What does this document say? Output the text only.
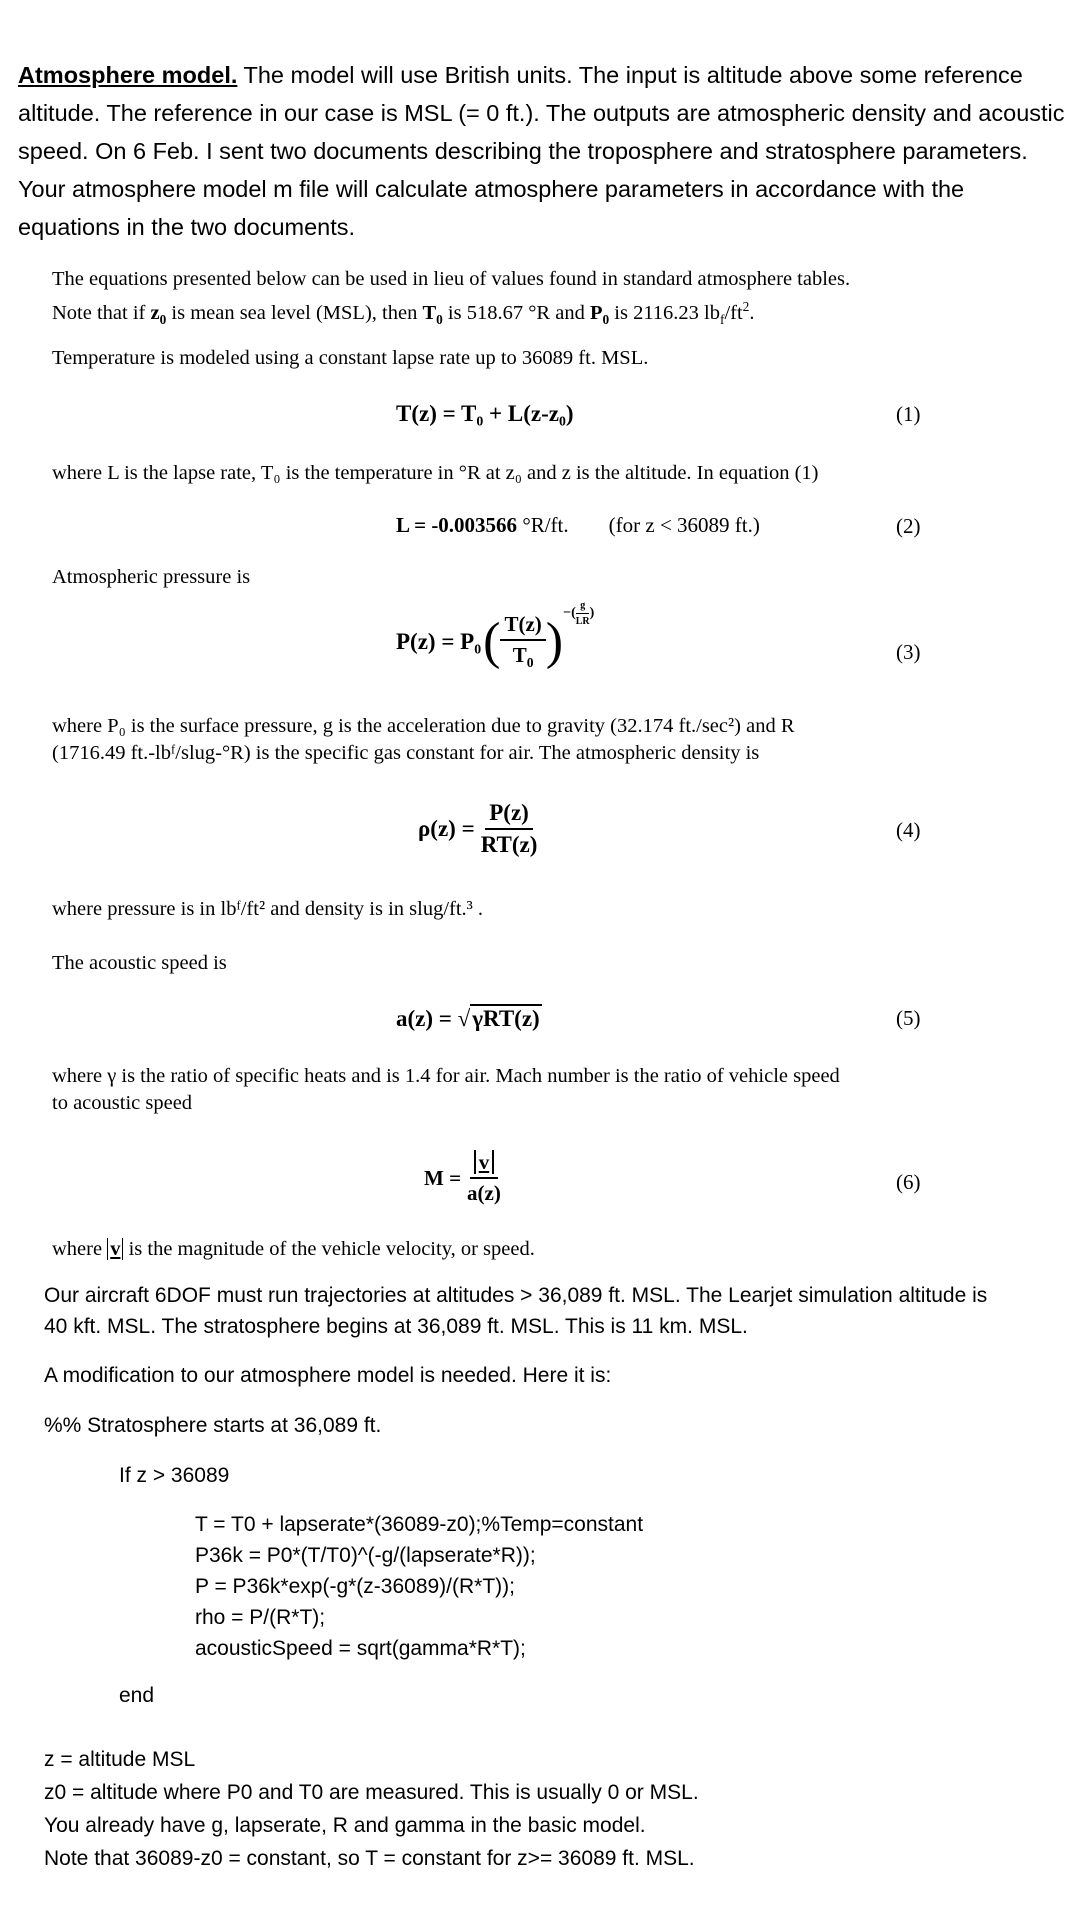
Atmosphere model. The model will use British units. The input is altitude above some reference altitude. The reference in our case is MSL (= 0 ft.). The outputs are atmospheric density and acoustic speed. On 6 Feb. I sent two documents describing the troposphere and stratosphere parameters. Your atmosphere model m file will calculate atmosphere parameters in accordance with the equations in the two documents.
The equations presented below can be used in lieu of values found in standard atmosphere tables.
Note that if $z_0$ is mean sea level (MSL), then $T_0$ is 518.67 °R and $P_0$ is 2116.23 $lb_f/ft^2$.
Temperature is modeled using a constant lapse rate up to 36089 ft. MSL.
T(z) = T₀ + L(z-z₀)	(1)
where L is the lapse rate, T₀ is the temperature in °R at z₀ and z is the altitude. In equation (1)
L = -0.003566 °R/ft. (for z < 36089 ft.)	(2)
Atmospheric pressure is
P(z) = P₀ ( $\frac{T(z)}{T_0}$ ) −( $\frac{g}{LR}$ )
(3)
where P₀ is the surface pressure, g is the acceleration due to gravity (32.174 ft./sec²) and R
(1716.49 ft.-lbᶠ/slug-°R) is the specific gas constant for air. The atmospheric density is
$\rho(z) = \frac{P(z)}{RT(z)}$	(4)
where pressure is in lbᶠ/ft² and density is in slug/ft.³ .
The acoustic speed is
a(z) = √γRT(z)	(5)
where γ is the ratio of specific heats and is 1.4 for air. Mach number is the ratio of vehicle speed
to acoustic speed
$M = \frac{v}{a(z)}$	(6)
where v is the magnitude of the vehicle velocity, or speed.
Our aircraft 6DOF must run trajectories at altitudes > 36,089 ft. MSL. The Learjet simulation altitude is 40 kft. MSL. The stratosphere begins at 36,089 ft. MSL. This is 11 km. MSL.
A modification to our atmosphere model is needed. Here it is:
%% Stratosphere starts at 36,089 ft.
If z > 36089
T = T0 + lapserate*(36089-z0);%Temp=constant
P36k = P0*(T/T0)^(-g/(lapserate*R));
P = P36k*exp(-g*(z-36089)/(R*T));
rho = P/(R*T);
acousticSpeed = sqrt(gamma*R*T);
end
z = altitude MSL
z0 = altitude where P0 and T0 are measured. This is usually 0 or MSL.
You already have g, lapserate, R and gamma in the basic model.
Note that 36089-z0 = constant, so T = constant for z>= 36089 ft. MSL.
